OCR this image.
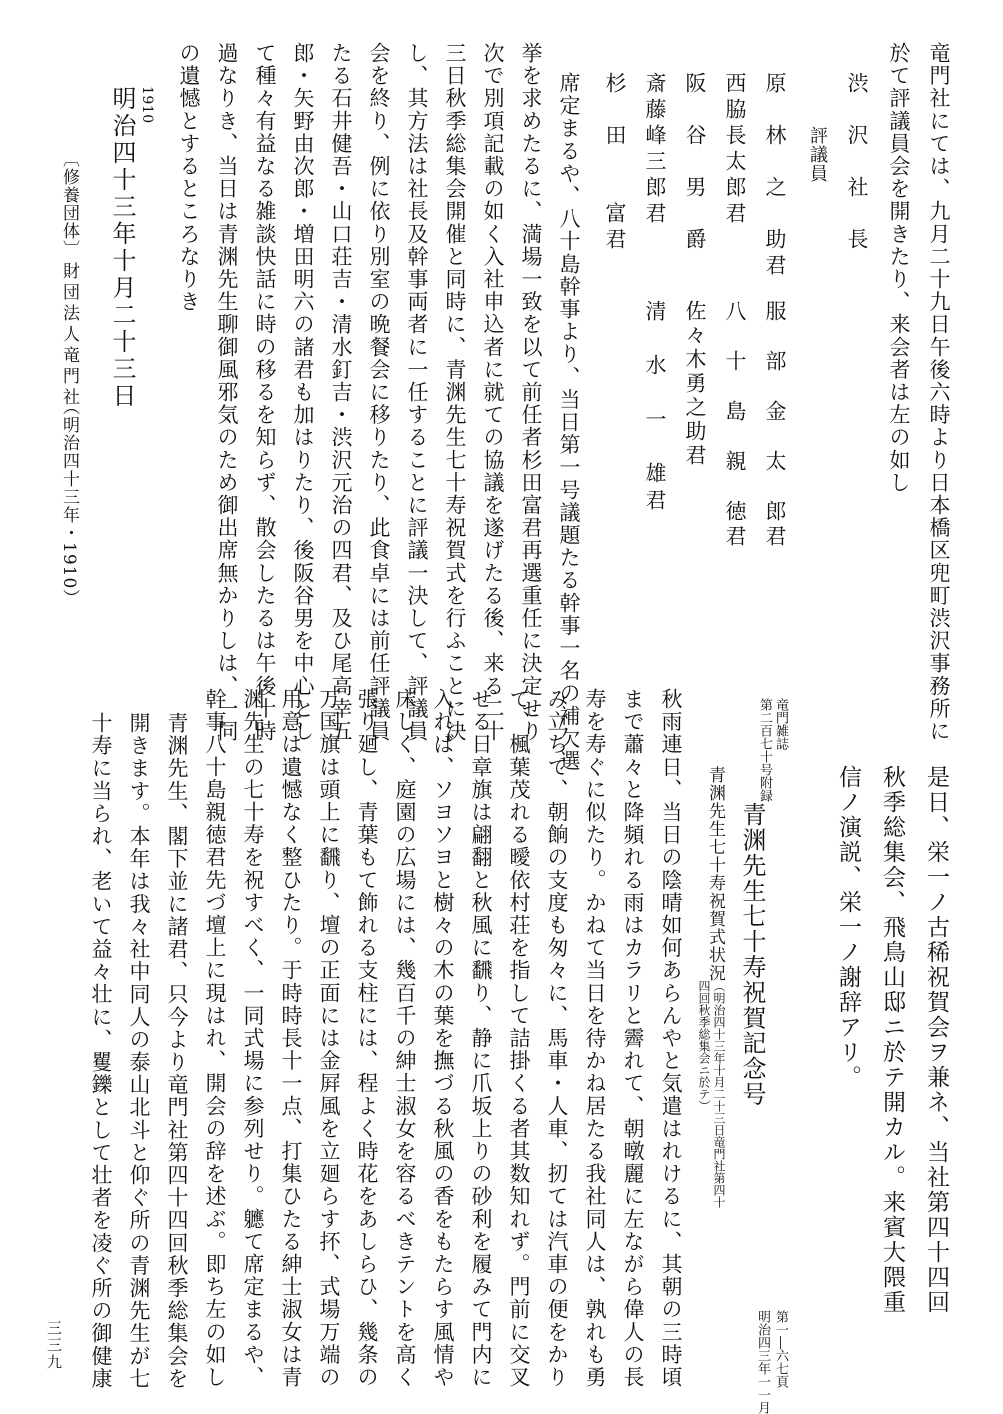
竜門社にては、九月二十九日午後六時より日本橋区兜町渋沢事務所に
於て評議員会を開きたり、来会者は左の如し
渋　沢　社　長
評議員
原　林　之　助君
西脇長太郎君
阪　谷　男　爵
斎藤峰三郎君
杉　田　　富君
服　部　金　太　郎君
八　十　島　親　徳君
佐々木勇之助君
清　水　一　雄君
席定まるや、八十島幹事より、当日第一号議題たる幹事一名の補欠選
挙を求めたるに、満場一致を以て前任者杉田富君再選重任に決定せり
次で別項記載の如く入社申込者に就ての協議を遂げたる後、来る二十
三日秋季総集会開催と同時に、青渊先生七十寿祝賀式を行ふことに決
し、其方法は社長及幹事両者に一任することに評議一決して、評議員
会を終り、例に依り別室の晩餐会に移りたり、此食卓には前任評議員
たる石井健吾・山口荘吉・清水釘吉・渋沢元治の四君、及ひ尾高幸五
郎・矢野由次郎・増田明六の諸君も加はりたり、後阪谷男を中心とし
て種々有益なる雑談快話に時の移るを知らず、散会したるは午後十時
過なりき、当日は青渊先生聊御風邪気のため御出席無かりしは、一同
の遺憾とするところなりき
1910
明治四十三年十月二十三日
〔修養団体〕
財団法人竜門社
（明治四十三年・1910）
是日、栄一ノ古稀祝賀会ヲ兼ネ、当社第四十四回
秋季総集会、飛鳥山邸ニ於テ開カル。来賓大隈重
信ノ演説、栄一ノ謝辞アリ。
竜門雑誌
第二百七十号附録
青渊先生七十寿祝賀記念号
第一―六七頁
明治四三年一一月
青渊先生七十寿祝賀式状況
（明治四十三年十月二十三日竜門社第四十四回秋季総集会ニ於テ）
秋雨連日、当日の陰晴如何あらんやと気遣はれけるに、其朝の三時頃
まで蕭々と降頻れる雨はカラリと霽れて、朝暾麗に左ながら偉人の長
寿を寿ぐに似たり。かねて当日を待かね居たる我社同人は、孰れも勇
み立ちて、朝餉の支度も匆々に、馬車・人車、扨ては汽車の便をかり
て、楓葉茂れる曖依村荘を指して詰掛くる者其数知れず。門前に交叉
せる日章旗は翩翻と秋風に飜り、静に爪坂上りの砂利を履みて門内に
入れば、ソヨソヨと樹々の木の葉を撫づる秋風の香をもたらす風情や
床しく、庭園の広場には、幾百千の紳士淑女を容るべきテントを高く
張り廻し、青葉もて飾れる支柱には、程よく時花をあしらひ、幾条の
万国旗は頭上に飜り、壇の正面には金屛風を立廻らす抔、式場万端の
用意は遺憾なく整ひたり。于時時長十一点、打集ひたる紳士淑女は青
渊先生の七十寿を祝すべく、一同式場に参列せり。軈て席定まるや、
幹事八十島親徳君先づ壇上に現はれ、開会の辞を述ぶ。即ち左の如し
青渊先生、閣下並に諸君、只今より竜門社第四十四回秋季総集会を
開きます。本年は我々社中同人の泰山北斗と仰ぐ所の青渊先生が七
十寿に当られ、老いて益々壮に、矍鑠として壮者を凌ぐ所の御健康
三三九
